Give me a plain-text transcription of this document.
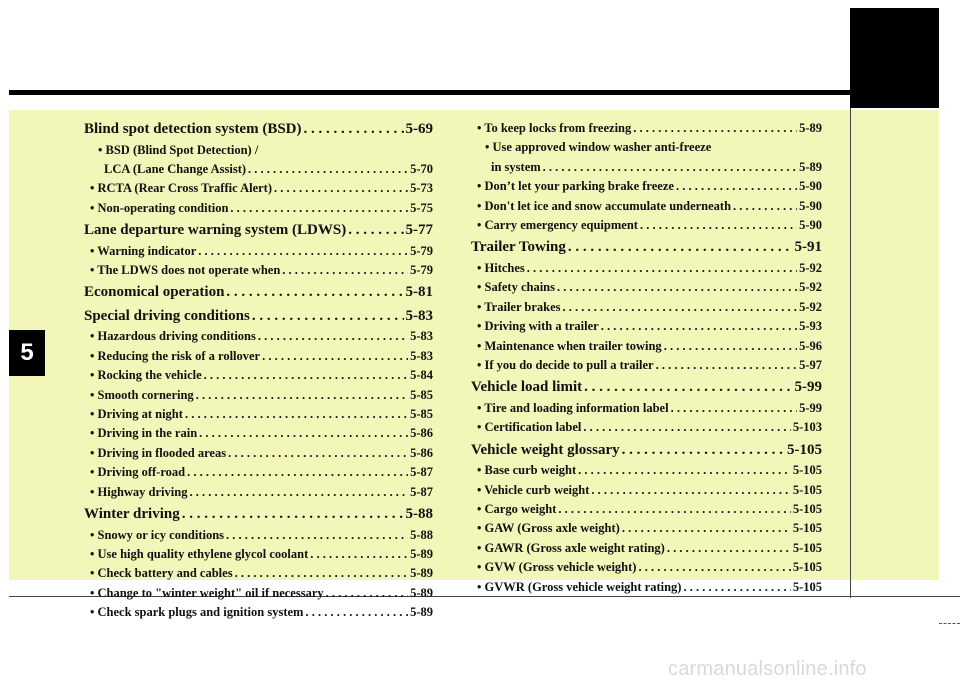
5
Blind spot detection system (BSD) . . .	5-69
• BSD (Blind Spot Detection) /
LCA (Lane Change Assist) . . .	5-70
• RCTA (Rear Cross Traffic Alert) . . .	5-73
• Non-operating condition . . .	5-75
Lane departure warning system (LDWS) . . .	5-77
• Warning indicator . . .	5-79
• The LDWS does not operate when . . .	5-79
Economical operation . . .	5-81
Special driving conditions . . .	5-83
• Hazardous driving conditions . . .	5-83
• Reducing the risk of a rollover . . .	5-83
• Rocking the vehicle . . .	5-84
• Smooth cornering . . .	5-85
• Driving at night . . .	5-85
• Driving in the rain . . .	5-86
• Driving in flooded areas . . .	5-86
• Driving off-road . . .	5-87
• Highway driving . . .	5-87
Winter driving . . .	5-88
• Snowy or icy conditions . . .	5-88
• Use high quality ethylene glycol coolant . . .	5-89
• Check battery and cables . . .	5-89
• Change to "winter weight" oil if necessary . . .	5-89
• Check spark plugs and ignition system . . .	5-89
• To keep locks from freezing . . .	5-89
• Use approved window washer anti-freeze
in system . . .	5-89
• Don’t let your parking brake freeze . . .	5-90
• Don't let ice and snow accumulate underneath . . .	5-90
• Carry emergency equipment . . .	5-90
Trailer Towing . . .	5-91
• Hitches . . .	5-92
• Safety chains . . .	5-92
• Trailer brakes . . .	5-92
• Driving with a trailer . . .	5-93
• Maintenance when trailer towing . . .	5-96
• If you do decide to pull a trailer . . .	5-97
Vehicle load limit . . .	5-99
• Tire and loading information label . . .	5-99
• Certification label . . .	5-103
Vehicle weight glossary . . .	5-105
• Base curb weight . . .	5-105
• Vehicle curb weight . . .	5-105
• Cargo weight . . .	5-105
• GAW (Gross axle weight) . . .	5-105
• GAWR (Gross axle weight rating) . . .	5-105
• GVW (Gross vehicle weight) . . .	5-105
• GVWR (Gross vehicle weight rating) . . .	5-105
carmanualsonline.info
